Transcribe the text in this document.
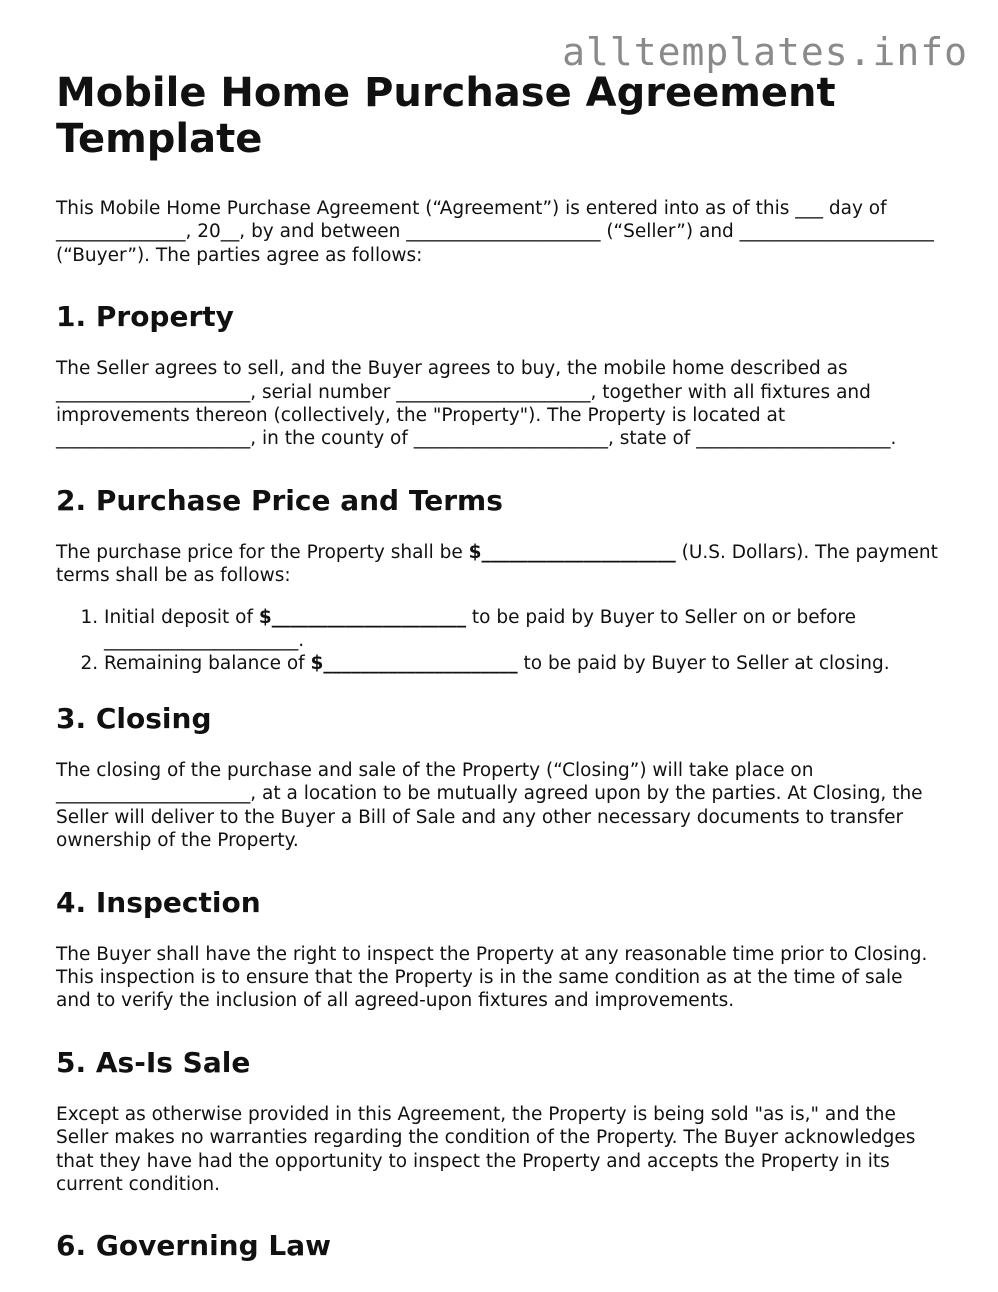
alltemplates.info
Mobile Home Purchase Agreement Template

This Mobile Home Purchase Agreement (“Agreement”) is entered into as of this ___ day of ______________, 20__, by and between _____________________ (“Seller”) and _____________________ (“Buyer”). The parties agree as follows:

1. Property

The Seller agrees to sell, and the Buyer agrees to buy, the mobile home described as _____________________, serial number _____________________, together with all fixtures and improvements thereon (collectively, the "Property"). The Property is located at _____________________, in the county of _____________________, state of _____________________.

2. Purchase Price and Terms

The purchase price for the Property shall be $_____________________ (U.S. Dollars). The payment terms shall be as follows:

1. Initial deposit of $_____________________ to be paid by Buyer to Seller on or before _____________________.
2. Remaining balance of $_____________________ to be paid by Buyer to Seller at closing.
3. Closing

The closing of the purchase and sale of the Property (“Closing”) will take place on _____________________, at a location to be mutually agreed upon by the parties. At Closing, the Seller will deliver to the Buyer a Bill of Sale and any other necessary documents to transfer ownership of the Property.

4. Inspection

The Buyer shall have the right to inspect the Property at any reasonable time prior to Closing. This inspection is to ensure that the Property is in the same condition as at the time of sale and to verify the inclusion of all agreed-upon fixtures and improvements.

5. As-Is Sale

Except as otherwise provided in this Agreement, the Property is being sold "as is," and the Seller makes no warranties regarding the condition of the Property. The Buyer acknowledges that they have had the opportunity to inspect the Property and accepts the Property in its current condition.

6. Governing Law
